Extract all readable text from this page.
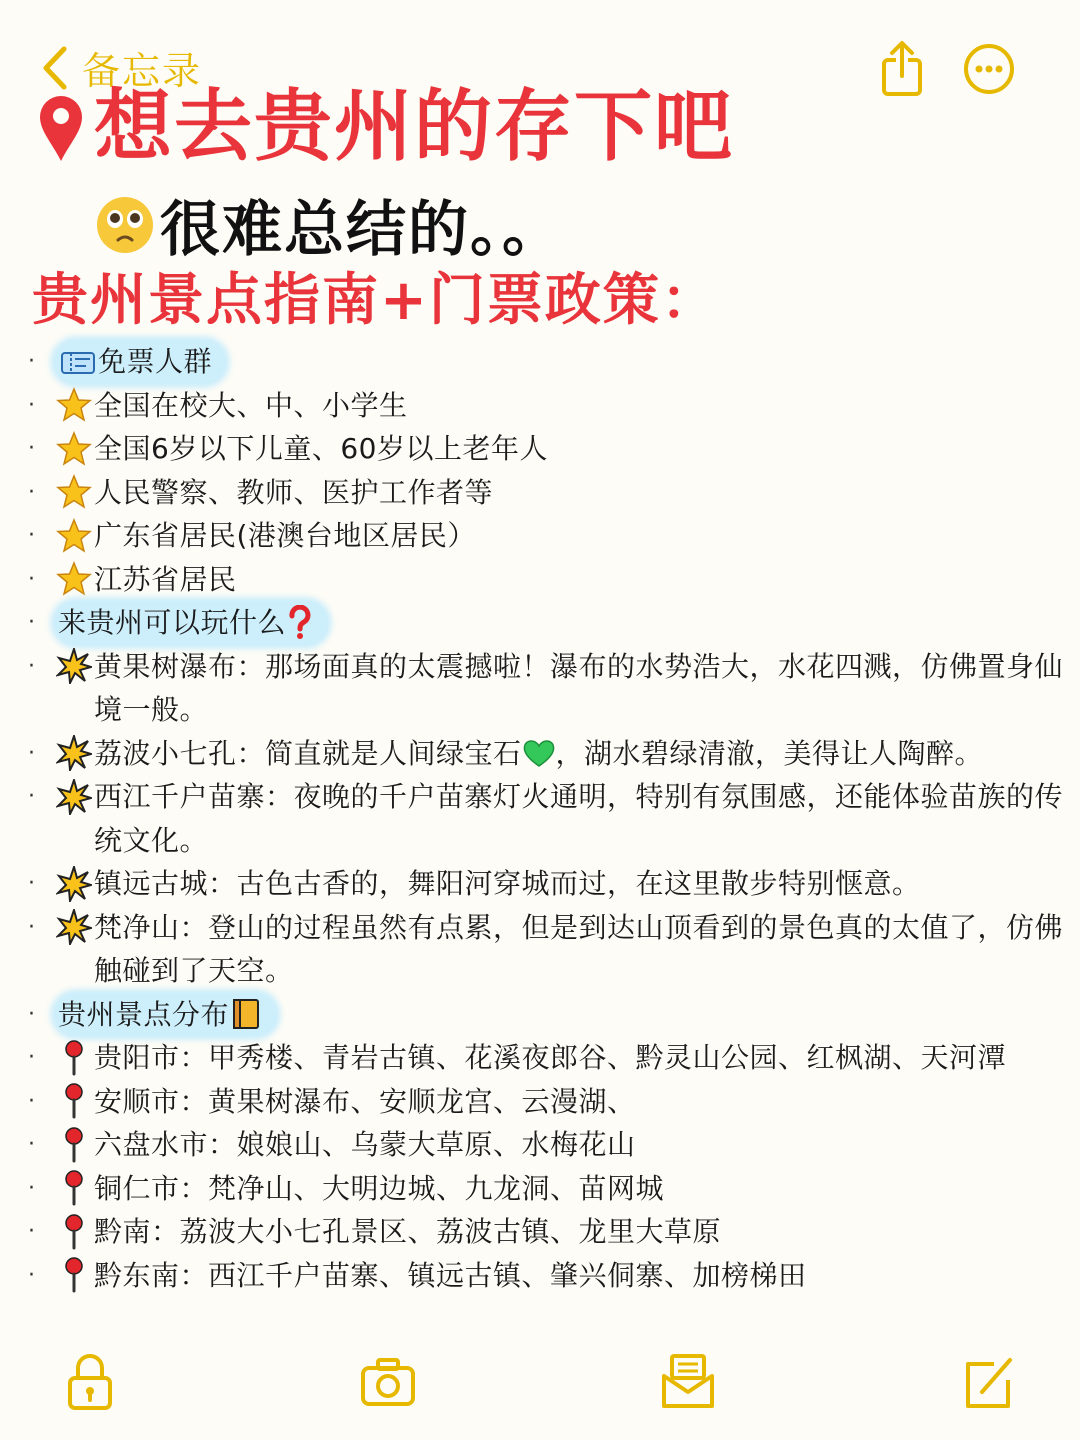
备忘录
想去贵州的存下吧
很难总结的。。
贵州景点指南+门票政策：
· 免票人群
· 全国在校大、中、小学生
· 全国6岁以下儿童、60岁以上老年人
· 人民警察、教师、医护工作者等
· 广东省居民(港澳台地区居民）
· 江苏省居民
· 来贵州可以玩什么
· 黄果树瀑布：那场面真的太震撼啦！瀑布的水势浩大，水花四溅，仿佛置身仙境一般。
· 荔波小七孔：简直就是人间绿宝石 ，湖水碧绿清澈，美得让人陶醉。
· 西江千户苗寨：夜晚的千户苗寨灯火通明，特别有氛围感，还能体验苗族的传统文化。
· 镇远古城：古色古香的，舞阳河穿城而过，在这里散步特别惬意。
· 梵净山：登山的过程虽然有点累，但是到达山顶看到的景色真的太值了，仿佛触碰到了天空。
· 贵州景点分布
· 贵阳市：甲秀楼、青岩古镇、花溪夜郎谷、黔灵山公园、红枫湖、天河潭
· 安顺市：黄果树瀑布、安顺龙宫、云漫湖、
· 六盘水市：娘娘山、乌蒙大草原、水梅花山
· 铜仁市：梵净山、大明边城、九龙洞、苗网城
· 黔南：荔波大小七孔景区、荔波古镇、龙里大草原
· 黔东南：西江千户苗寨、镇远古镇、肇兴侗寨、加榜梯田
